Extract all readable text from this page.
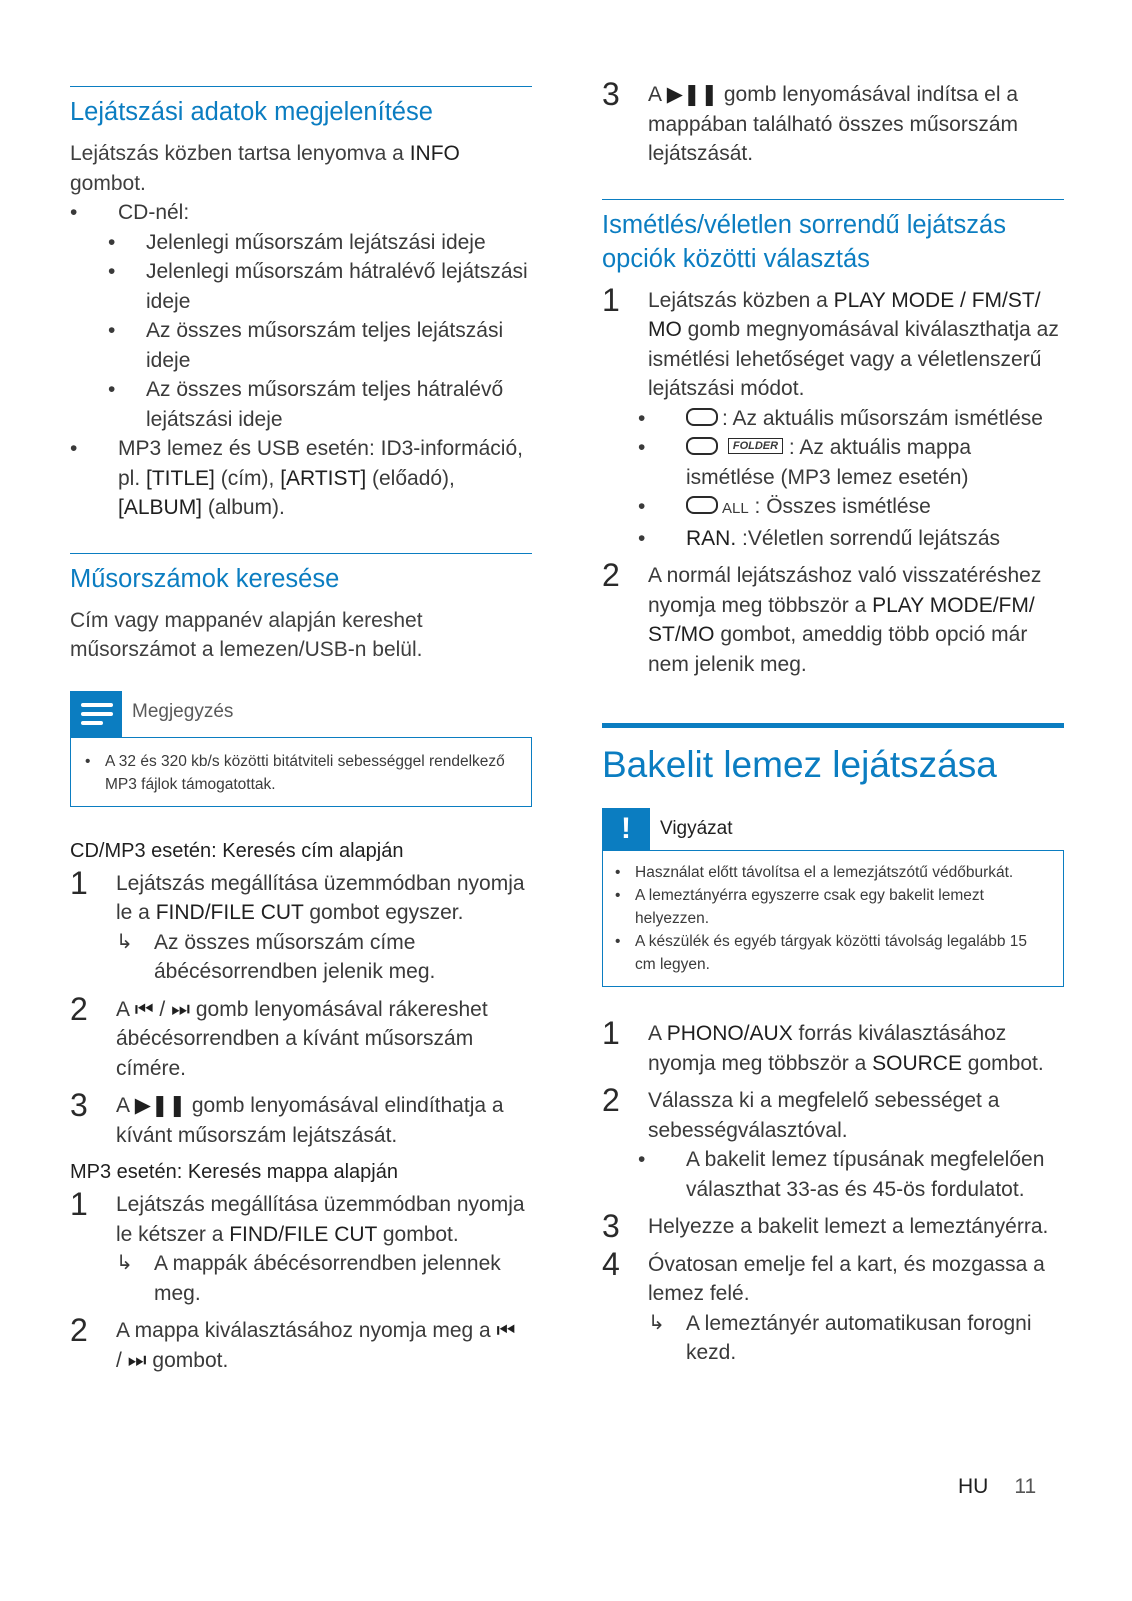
Lejátszási adatok megjelenítése

Lejátszás közben tartsa lenyomva a INFO
gombot.

• CD-nél:
• Jelenlegi műsorszám lejátszási ideje
• Jelenlegi műsorszám hátralévő lejátszási ideje
• Az összes műsorszám teljes lejátszási ideje
• Az összes műsorszám teljes hátralévő lejátszási ideje
• MP3 lemez és USB esetén: ID3-információ, pl. [TITLE] (cím), [ARTIST] (előadó), [ALBUM] (album).
Műsorszámok keresése

Cím vagy mappanév alapján kereshet műsorszámot a lemezen/USB-n belül.

Megjegyzés
• A 32 és 320 kb/s közötti bitátviteli sebességgel rendelkező MP3 fájlok támogatottak.
CD/MP3 esetén: Keresés cím alapján
1 Lejátszás megállítása üzemmódban nyomja le a FIND/FILE CUT gombot egyszer.
↳ Az összes műsorszám címe ábécésorrendben jelenik meg.
2 A ⏮ / ⏭ gomb lenyomásával rákereshet ábécésorrendben a kívánt műsorszám címére.
3 A ▶❚❚ gomb lenyomásával elindíthatja a kívánt műsorszám lejátszását.
MP3 esetén: Keresés mappa alapján
1 Lejátszás megállítása üzemmódban nyomja le kétszer a FIND/FILE CUT gombot.
↳ A mappák ábécésorrendben jelennek meg.
2 A mappa kiválasztásához nyomja meg a ⏮
/ ⏭ gombot.
3 A ▶❚❚ gomb lenyomásával indítsa el a mappában található összes műsorszám lejátszását.
Ismétlés/véletlen sorrendű lejátszás opciók közötti választás
1 Lejátszás közben a PLAY MODE / FM/ST/ MO gomb megnyomásával kiválaszthatja az ismétlési lehetőséget vagy a véletlenszerű lejátszási módot.
• : Az aktuális műsorszám ismétlése
• FOLDER : Az aktuális mappa ismétlése (MP3 lemez esetén)
• ALL : Összes ismétlése
• RAN. :Véletlen sorrendű lejátszás
2 A normál lejátszáshoz való visszatéréshez nyomja meg többször a PLAY MODE/FM/ ST/MO gombot, ameddig több opció már nem jelenik meg.
Bakelit lemez lejátszása
!	Vigyázat
• Használat előtt távolítsa el a lemezjátszótű védőburkát.
• A lemeztányérra egyszerre csak egy bakelit lemezt helyezzen.
• A készülék és egyéb tárgyak közötti távolság legalább 15 cm legyen.
1 A PHONO/AUX forrás kiválasztásához nyomja meg többször a SOURCE gombot.
2 Válassza ki a megfelelő sebességet a sebességválasztóval.
• A bakelit lemez típusának megfelelően választhat 33-as és 45-ös fordulatot.
3 Helyezze a bakelit lemezt a lemeztányérra.
4 Óvatosan emelje fel a kart, és mozgassa a lemez felé.
↳ A lemeztányér automatikusan forogni kezd.
HU 11
